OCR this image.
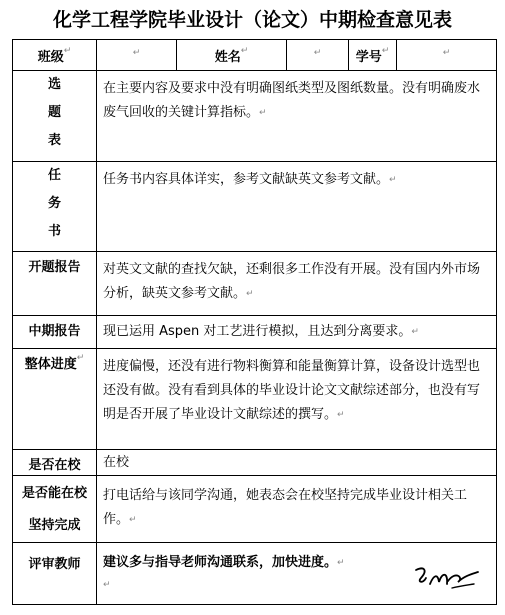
化学工程学院毕业设计（论文）中期检查意见表
班级↵	↵	姓名↵	↵	学号↵	↵

选
题
表	在主要内容及要求中没有明确图纸类型及图纸数量。没有明确废水废气回收的关键计算指标。↵

任
务
书	任务书内容具体详实，参考文献缺英文参考文献。↵
开题报告	对英文文献的查找欠缺，还剩很多工作没有开展。没有国内外市场分析，缺英文参考文献。↵
中期报告	现已运用 Aspen 对工艺进行模拟，且达到分离要求。↵
整体进度↵	进度偏慢，还没有进行物料衡算和能量衡算计算，设备设计选型也还没有做。没有看到具体的毕业设计论文文献综述部分，也没有写明是否开展了毕业设计文献综述的撰写。↵
是否在校	在校				

是否能在校
坚持完成	打电话给与该同学沟通，她表态会在校坚持完成毕业设计相关工作。↵
评审教师	建议多与指导老师沟通联系，加快进度。↵
↵
